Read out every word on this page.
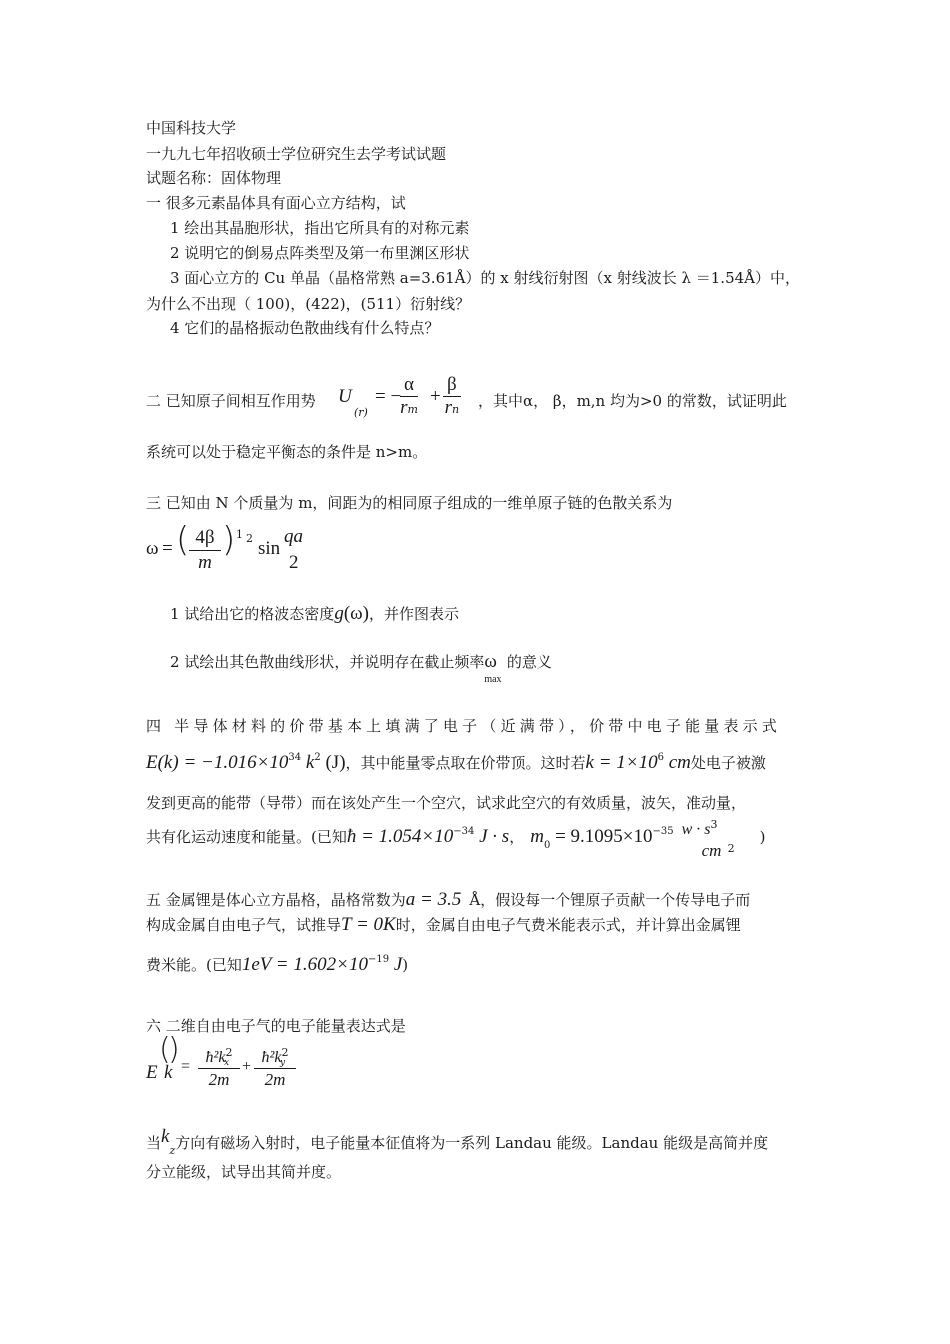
中国科技大学
一九九七年招收硕士学位研究生去学考试试题
试题名称：固体物理
一 很多元素晶体具有面心立方结构，试
1 绘出其晶胞形状，指出它所具有的对称元素
2 说明它的倒易点阵类型及第一布里渊区形状
3 面心立方的 Cu 单晶（晶格常熟 a=3.61Å）的 x 射线衍射图（x 射线波长 λ ＝1.54Å）中，
为什么不出现（ 100)，(422)，(511）衍射线？
4 它们的晶格振动色散曲线有什么特点？
二 已知原子间相互作用势 U
(r)
= −
α
rm
+
β
rn ，其中α， β，m,n 均为>0 的常数，试证明此
系统可以处于稳定平衡态的条件是 n>m。
三 已知由 N 个质量为 m，间距为的相同原子组成的一维单原子链的色散关系为
ω = ( 4β
m
) 1 2 sin
qa
2
1 试给出它的格波态密度g(ω)，并作图表示
2 试绘出其色散曲线形状，并说明存在截止频率ω
max
的意义
四 半导体材料的价带基本上填满了电子（近满带），价带中电子能量表示式
$E(k) = -1.016\times 10^{34}$ $k^2$ (J)，其中能量零点取在价带顶。这时若$k = 1\times 10^6$ cm处电子被激
发到更高的能带（导带）而在该处产生一个空穴，试求此空穴的有效质量，波矢，准动量，
共有化运动速度和能量。(已知ħ = $1.054\times 10^{-34}$ J · s， $m_0 = 9.1095\times 10^{-35}$ $w \cdot s^3$
cm 2
)
五 金属锂是体心立方晶格，晶格常数为a = 3.5 Å，假设每一个锂原子贡献一个传导电子而
构成金属自由电子气，试推导T = 0K时，金属自由电子气费米能表示式，并计算出金属锂
费米能。(已知$1eV = 1.602\times 10^{-19}$ J)
六 二维自由电子气的电子能量表达式是
E
(
)
$k = ħ^2k^2$
x
$2m + ħ^2k^2$
y
2m
当$k_z$方向有磁场入射时，电子能量本征值将为一系列 Landau 能级。Landau 能级是高简并度
分立能级，试导出其简并度。
